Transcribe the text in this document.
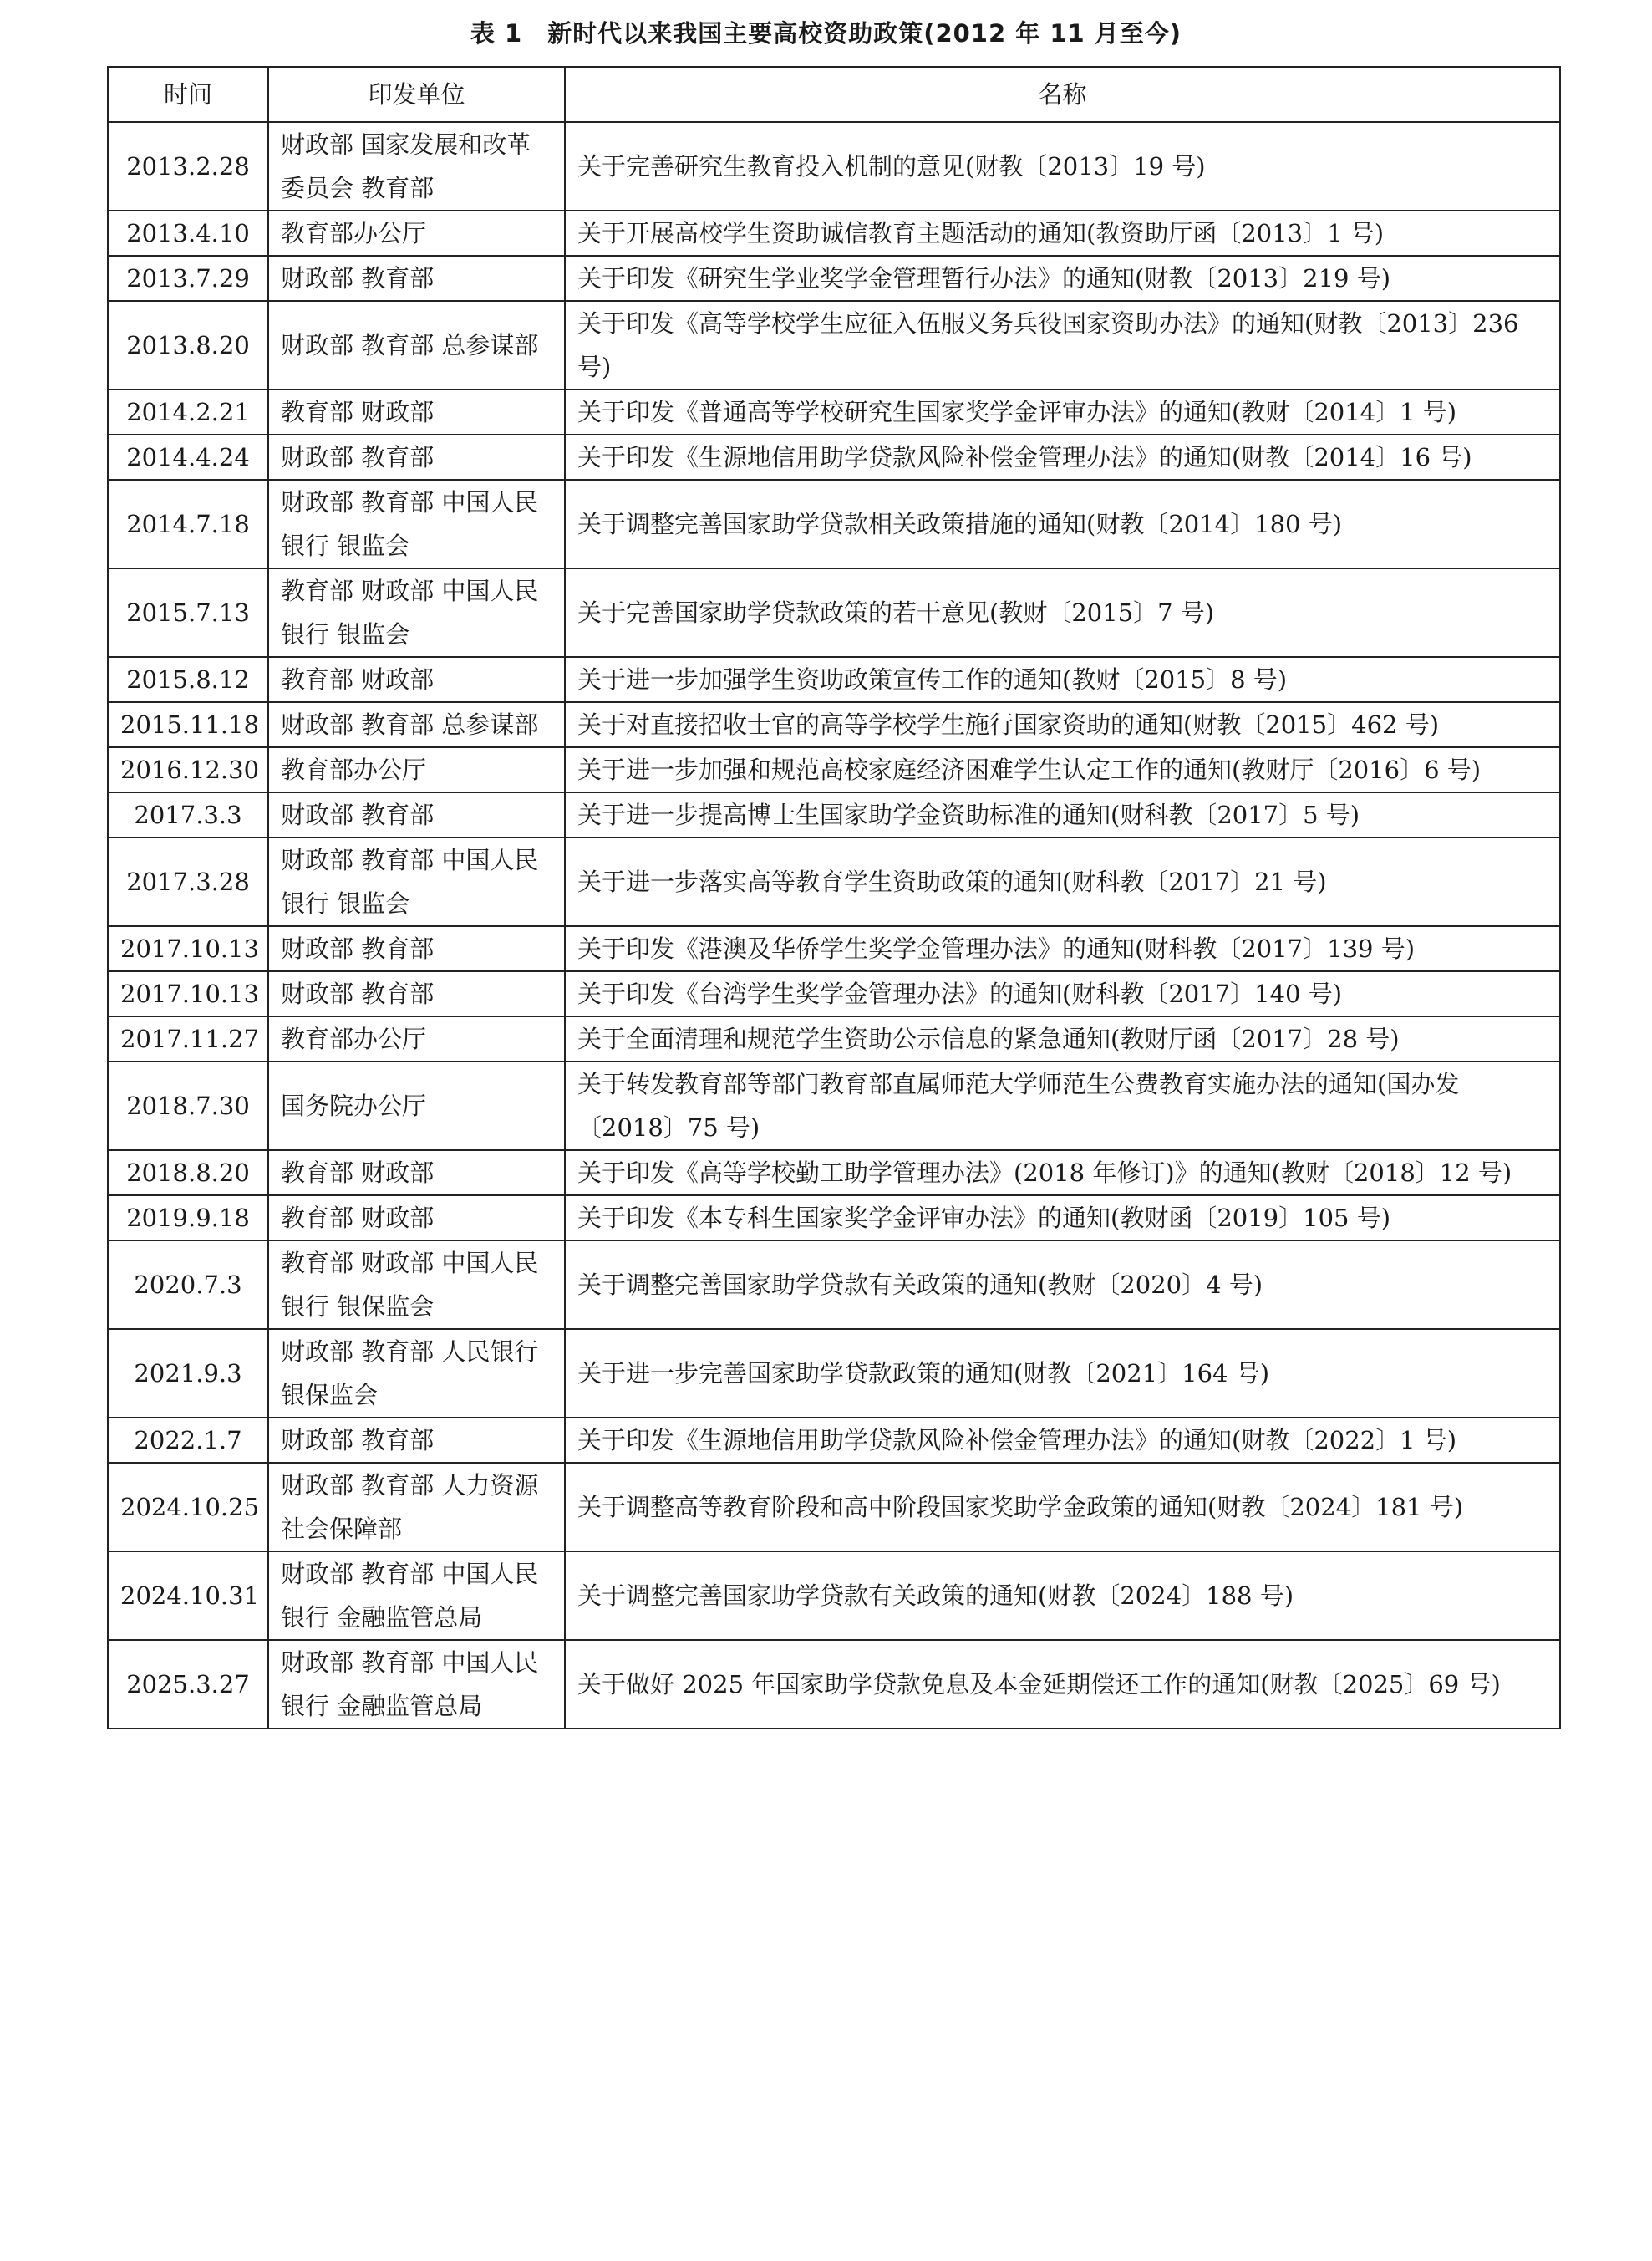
表 1　新时代以来我国主要高校资助政策(2012 年 11 月至今)
时间	印发单位	名称
2013.2.28	财政部 国家发展和改革委员会 教育部	关于完善研究生教育投入机制的意见(财教〔2013〕19 号)
2013.4.10	教育部办公厅	关于开展高校学生资助诚信教育主题活动的通知(教资助厅函〔2013〕1 号)
2013.7.29	财政部 教育部	关于印发《研究生学业奖学金管理暂行办法》的通知(财教〔2013〕219 号)
2013.8.20	财政部 教育部 总参谋部	关于印发《高等学校学生应征入伍服义务兵役国家资助办法》的通知(财教〔2013〕236 号)
2014.2.21	教育部 财政部	关于印发《普通高等学校研究生国家奖学金评审办法》的通知(教财〔2014〕1 号)
2014.4.24	财政部 教育部	关于印发《生源地信用助学贷款风险补偿金管理办法》的通知(财教〔2014〕16 号)
2014.7.18	财政部 教育部 中国人民银行 银监会	关于调整完善国家助学贷款相关政策措施的通知(财教〔2014〕180 号)
2015.7.13	教育部 财政部 中国人民银行 银监会	关于完善国家助学贷款政策的若干意见(教财〔2015〕7 号)
2015.8.12	教育部 财政部	关于进一步加强学生资助政策宣传工作的通知(教财〔2015〕8 号)
2015.11.18	财政部 教育部 总参谋部	关于对直接招收士官的高等学校学生施行国家资助的通知(财教〔2015〕462 号)
2016.12.30	教育部办公厅	关于进一步加强和规范高校家庭经济困难学生认定工作的通知(教财厅〔2016〕6 号)
2017.3.3	财政部 教育部	关于进一步提高博士生国家助学金资助标准的通知(财科教〔2017〕5 号)
2017.3.28	财政部 教育部 中国人民银行 银监会	关于进一步落实高等教育学生资助政策的通知(财科教〔2017〕21 号)
2017.10.13	财政部 教育部	关于印发《港澳及华侨学生奖学金管理办法》的通知(财科教〔2017〕139 号)
2017.10.13	财政部 教育部	关于印发《台湾学生奖学金管理办法》的通知(财科教〔2017〕140 号)
2017.11.27	教育部办公厅	关于全面清理和规范学生资助公示信息的紧急通知(教财厅函〔2017〕28 号)
2018.7.30	国务院办公厅	关于转发教育部等部门教育部直属师范大学师范生公费教育实施办法的通知(国办发〔2018〕75 号)
2018.8.20	教育部 财政部	关于印发《高等学校勤工助学管理办法》(2018 年修订)》的通知(教财〔2018〕12 号)
2019.9.18	教育部 财政部	关于印发《本专科生国家奖学金评审办法》的通知(教财函〔2019〕105 号)
2020.7.3	教育部 财政部 中国人民银行 银保监会	关于调整完善国家助学贷款有关政策的通知(教财〔2020〕4 号)
2021.9.3	财政部 教育部 人民银行 银保监会	关于进一步完善国家助学贷款政策的通知(财教〔2021〕164 号)
2022.1.7	财政部 教育部	关于印发《生源地信用助学贷款风险补偿金管理办法》的通知(财教〔2022〕1 号)
2024.10.25	财政部 教育部 人力资源社会保障部	关于调整高等教育阶段和高中阶段国家奖助学金政策的通知(财教〔2024〕181 号)
2024.10.31	财政部 教育部 中国人民银行 金融监管总局	关于调整完善国家助学贷款有关政策的通知(财教〔2024〕188 号)
2025.3.27	财政部 教育部 中国人民银行 金融监管总局	关于做好 2025 年国家助学贷款免息及本金延期偿还工作的通知(财教〔2025〕69 号)
